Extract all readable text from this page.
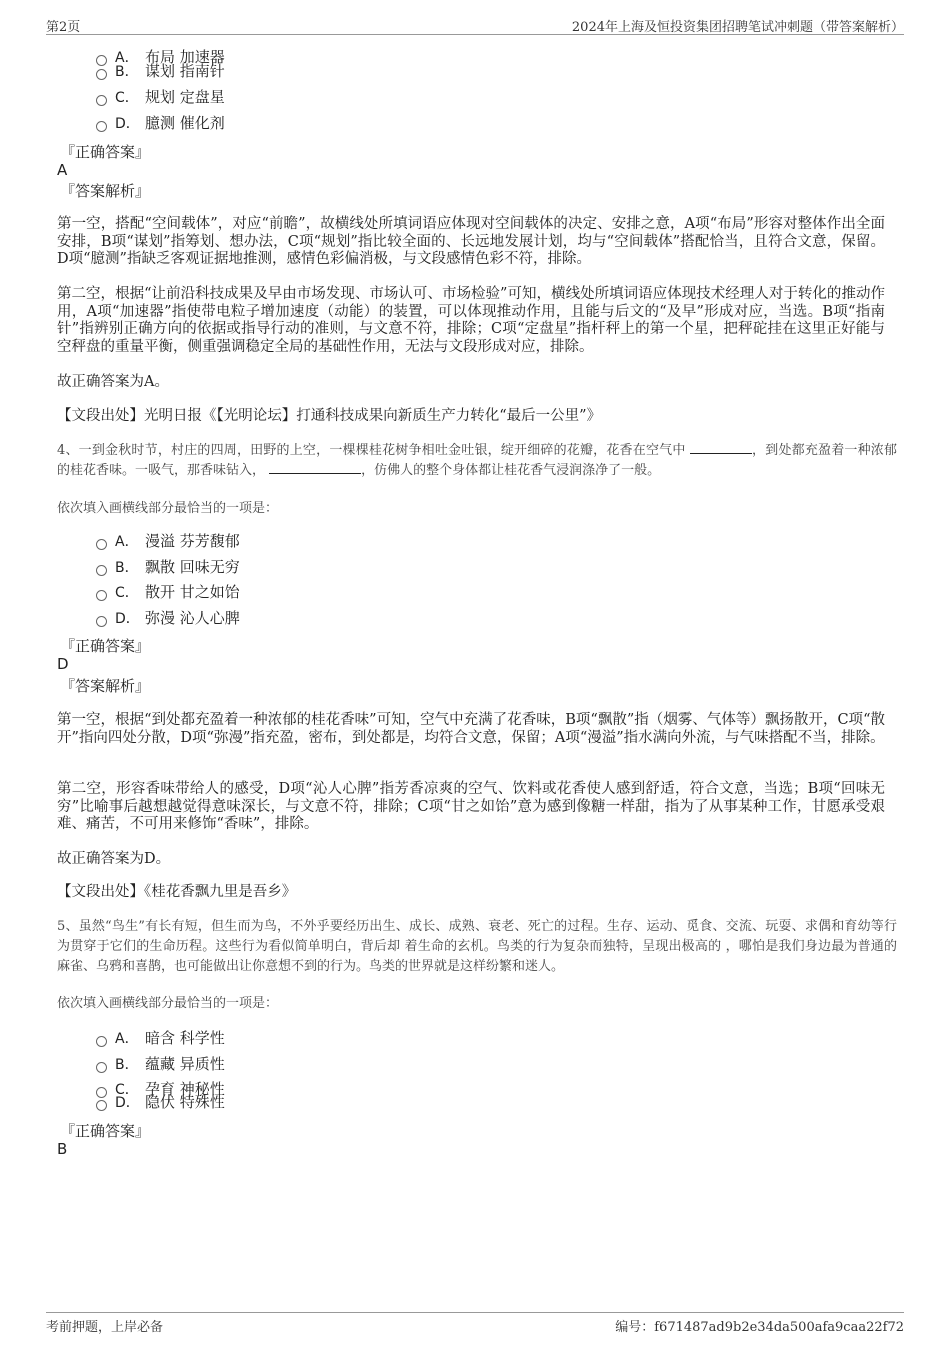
第2页	2024年上海及恒投资集团招聘笔试冲刺题（带答案解析）
A． 布局 加速器
B． 谋划 指南针
C． 规划 定盘星
D． 臆测 催化剂
『正确答案』
A
『答案解析』
第一空，搭配“空间载体”，对应“前瞻”，故横线处所填词语应体现对空间载体的决定、安排之意，A项“布局”形容对整体作出全面安排，B项“谋划”指筹划、想办法，C项“规划”指比较全面的、长远地发展计划，均与“空间载体”搭配恰当，且符合文意，保留。D项“臆测”指缺乏客观证据地推测，感情色彩偏消极，与文段感情色彩不符，排除。
第二空，根据“让前沿科技成果及早由市场发现、市场认可、市场检验”可知，横线处所填词语应体现技术经理人对于转化的推动作用，A项“加速器”指使带电粒子增加速度（动能）的装置，可以体现推动作用，且能与后文的“及早”形成对应，当选。B项“指南针”指辨别正确方向的依据或指导行动的准则，与文意不符，排除；C项“定盘星”指杆秤上的第一个星，把秤砣挂在这里正好能与空秤盘的重量平衡，侧重强调稳定全局的基础性作用，无法与文段形成对应，排除。
故正确答案为A。
【文段出处】光明日报《【光明论坛】打通科技成果向新质生产力转化“最后一公里”》
4、一到金秋时节，村庄的四周，田野的上空，一棵棵桂花树争相吐金吐银，绽开细碎的花瓣，花香在空气中	，到处都充盈着一种浓郁的桂花香味。一吸气，那香味钻入，	，仿佛人的整个身体都让桂花香气浸润涤净了一般。
依次填入画横线部分最恰当的一项是：
A． 漫溢 芬芳馥郁
B． 飘散 回味无穷
C． 散开 甘之如饴
D． 弥漫 沁人心脾
『正确答案』
D
『答案解析』
第一空，根据“到处都充盈着一种浓郁的桂花香味”可知，空气中充满了花香味，B项“飘散”指（烟雾、气体等）飘扬散开，C项“散开”指向四处分散，D项“弥漫”指充盈，密布，到处都是，均符合文意，保留；A项“漫溢”指水满向外流，与气味搭配不当，排除。
第二空，形容香味带给人的感受，D项“沁人心脾”指芳香凉爽的空气、饮料或花香使人感到舒适，符合文意，当选；B项“回味无穷”比喻事后越想越觉得意味深长，与文意不符，排除；C项“甘之如饴”意为感到像糖一样甜，指为了从事某种工作，甘愿承受艰难、痛苦，不可用来修饰“香味”，排除。
故正确答案为D。
【文段出处】《桂花香飘九里是吾乡》
5、虽然“鸟生”有长有短，但生而为鸟，不外乎要经历出生、成长、成熟、衰老、死亡的过程。生存、运动、觅食、交流、玩耍、求偶和育幼等行为贯穿于它们的生命历程。这些行为看似简单明白，背后却 着生命的玄机。鸟类的行为复杂而独特，呈现出极高的 ，哪怕是我们身边最为普通的麻雀、乌鸦和喜鹊，也可能做出让你意想不到的行为。鸟类的世界就是这样纷繁和迷人。
依次填入画横线部分最恰当的一项是：
A． 暗含 科学性
B． 蕴藏 异质性
C． 孕育 神秘性
D． 隐伏 特殊性
『正确答案』
B
考前押题，上岸必备	编号：f671487ad9b2e34da500afa9caa22f72
